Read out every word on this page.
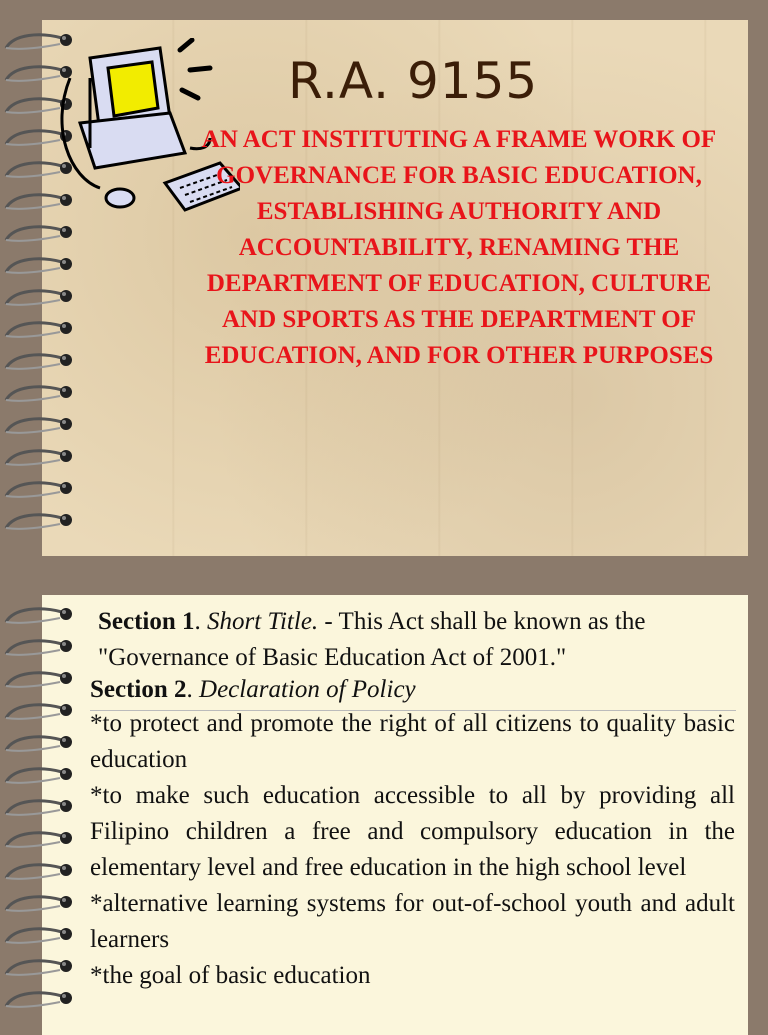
R.A. 9155

AN ACT INSTITUTING A FRAME WORK OF GOVERNANCE FOR BASIC EDUCATION, ESTABLISHING AUTHORITY AND ACCOUNTABILITY, RENAMING THE DEPARTMENT OF EDUCATION, CULTURE AND SPORTS AS THE DEPARTMENT OF EDUCATION, AND FOR OTHER PURPOSES

Section 1. Short Title. - This Act shall be known as the "Governance of Basic Education Act of 2001."

Section 2. Declaration of Policy

*to protect and promote the right of all citizens to quality basic education
*to make such education accessible to all by providing all Filipino children a free and compulsory education in the elementary level and free education in the high school level
*alternative learning systems for out-of-school youth and adult learners
*the goal of basic education
